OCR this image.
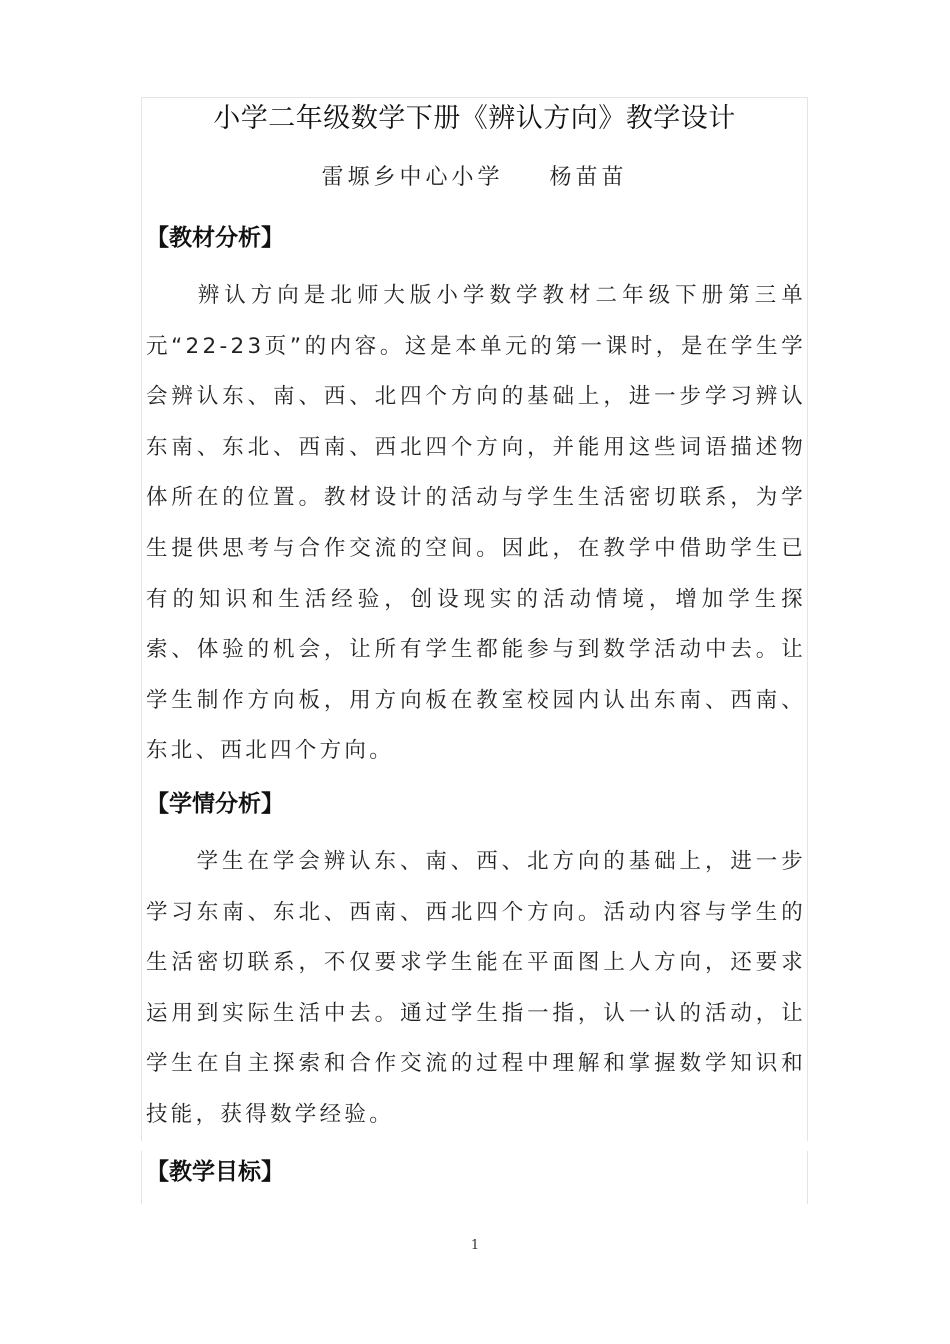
小学二年级数学下册《辨认方向》教学设计
雷塬乡中心小学 杨苗苗
【教材分析】
辨认方向是北师大版小学数学教材二年级下册第三单元“22-23页”的内容。这是本单元的第一课时，是在学生学会辨认东、南、西、北四个方向的基础上，进一步学习辨认东南、东北、西南、西北四个方向，并能用这些词语描述物体所在的位置。教材设计的活动与学生生活密切联系，为学生提供思考与合作交流的空间。因此，在教学中借助学生已有的知识和生活经验，创设现实的活动情境，增加学生探索、体验的机会，让所有学生都能参与到数学活动中去。让学生制作方向板，用方向板在教室校园内认出东南、西南、东北、西北四个方向。
【学情分析】
学生在学会辨认东、南、西、北方向的基础上，进一步学习东南、东北、西南、西北四个方向。活动内容与学生的生活密切联系，不仅要求学生能在平面图上人方向，还要求运用到实际生活中去。通过学生指一指，认一认的活动，让学生在自主探索和合作交流的过程中理解和掌握数学知识和技能，获得数学经验。
【教学目标】
1
